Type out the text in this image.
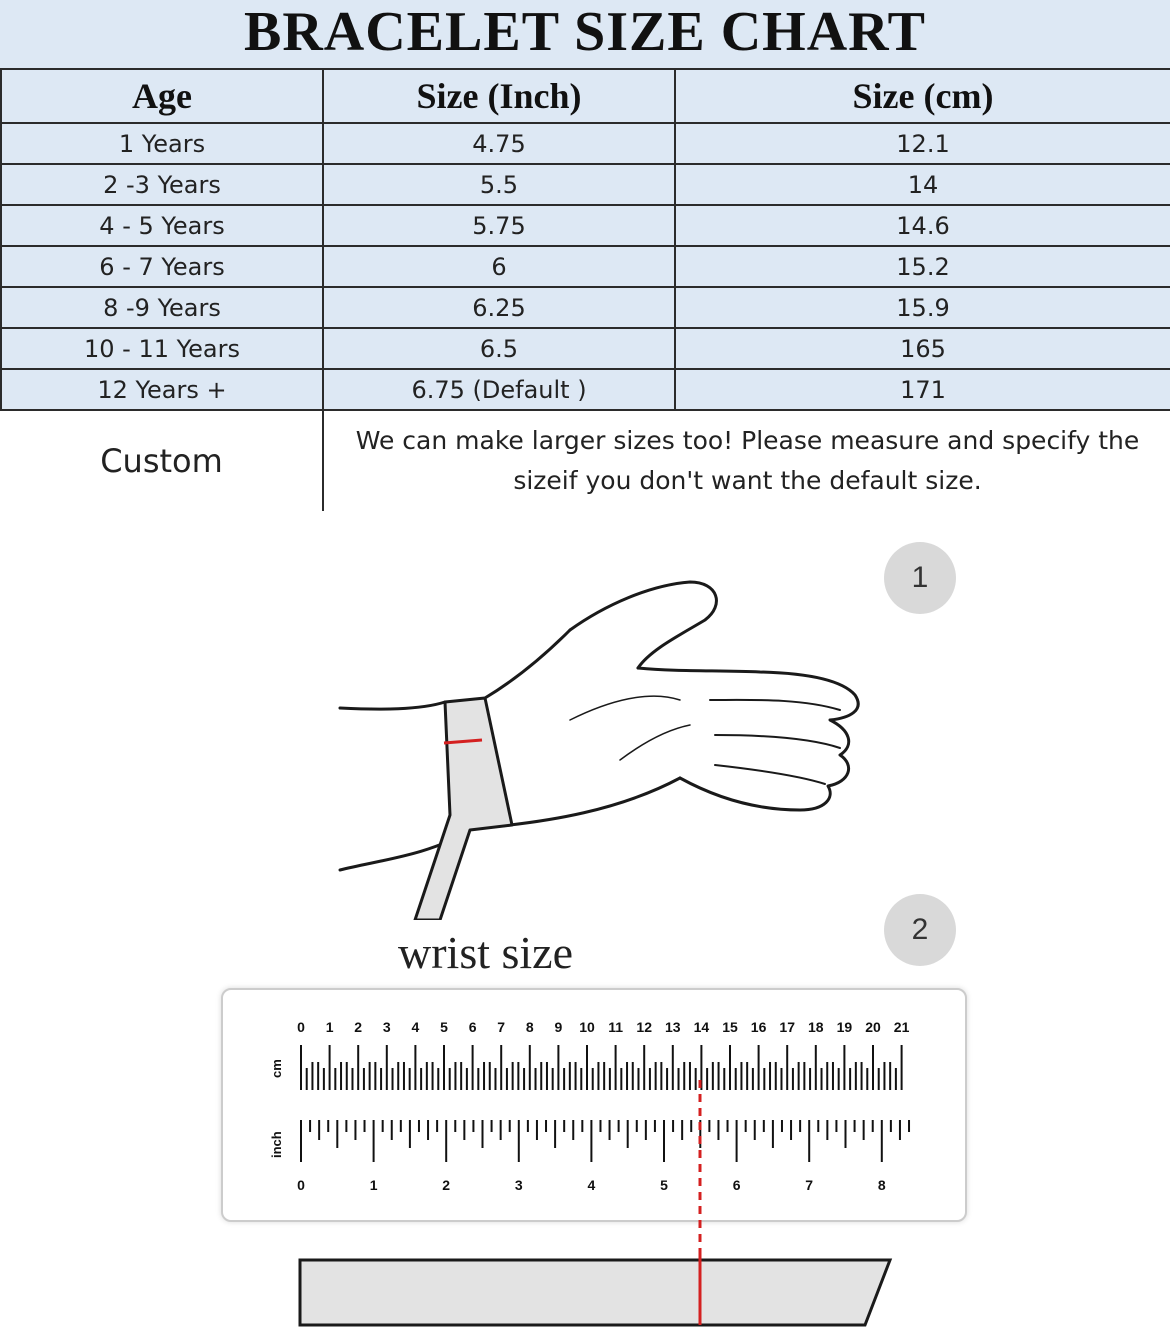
BRACELET SIZE CHART
Age	Size (Inch)	Size (cm)
1 Years	4.75	12.1
2 -3 Years	5.5	14
4 - 5 Years	5.75	14.6
6 - 7 Years	6	15.2
8 -9 Years	6.25	15.9
10 - 11 Years	6.5	165
12 Years +	6.75 (Default )	171
Custom	We can make larger sizes too! Please measure and specify the sizeif you don't want the default size.	
1
2
wrist size
0 1 2 3 4 5 6 7 8 9 10 11 12 13 14 15 16 17 18 19 20 21
0	1	2	3	4	5	6	7	8
cm
inch
